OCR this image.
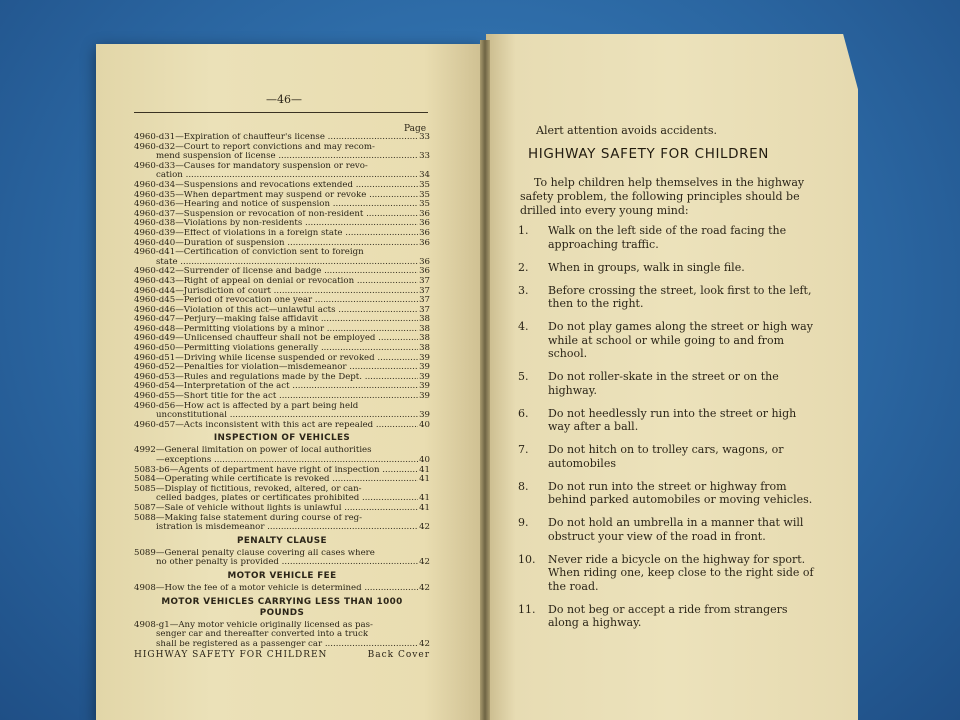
—46—
Page
4960-d31—Expiration of chauffeur's license .....	33
4960-d32—Court to report convictions and may recom-
mend suspension of license .....	33
4960-d33—Causes for mandatory suspension or revo-
cation .....	34
4960-d34—Suspensions and revocations extended .....	35
4960-d35—When department may suspend or revoke .....	35
4960-d36—Hearing and notice of suspension .....	35
4960-d37—Suspension or revocation of non-resident .....	36
4960-d38—Violations by non-residents .....	36
4960-d39—Effect of violations in a foreign state .....	36
4960-d40—Duration of suspension .....	36
4960-d41—Certification of conviction sent to foreign
state .....	36
4960-d42—Surrender of license and badge .....	36
4960-d43—Right of appeal on denial or revocation .....	37
4960-d44—Jurisdiction of court .....	37
4960-d45—Period of revocation one year .....	37
4960-d46—Violation of this act—unlawful acts .....	37
4960-d47—Perjury—making false affidavit .....	38
4960-d48—Permitting violations by a minor .....	38
4960-d49—Unlicensed chauffeur shall not be employed .....	38
4960-d50—Permitting violations generally .....	38
4960-d51—Driving while license suspended or revoked .....	39
4960-d52—Penalties for violation—misdemeanor .....	39
4960-d53—Rules and regulations made by the Dept. .....	39
4960-d54—Interpretation of the act .....	39
4960-d55—Short title for the act .....	39
4960-d56—How act is affected by a part being held
unconstitutional .....	39
4960-d57—Acts inconsistent with this act are repealed .....	40
INSPECTION OF VEHICLES
4992—General limitation on power of local authorities
—exceptions .....	40
5083-b6—Agents of department have right of inspection .....	41
5084—Operating while certificate is revoked .....	41
5085—Display of fictitious, revoked, altered, or can-
celled badges, plates or certificates prohibited .....	41
5087—Sale of vehicle without lights is unlawful .....	41
5088—Making false statement during course of reg-
istration is misdemeanor .....	42
PENALTY CLAUSE
5089—General penalty clause covering all cases where
no other penalty is provided .....	42
MOTOR VEHICLE FEE
4908—How the fee of a motor vehicle is determined .....	42
MOTOR VEHICLES CARRYING LESS THAN 1000
POUNDS
4908-g1—Any motor vehicle originally licensed as pas-
senger car and thereafter converted into a truck
shall be registered as a passenger car .....	42
HIGHWAY SAFETY FOR CHILDREN	Back Cover
Alert attention avoids accidents.
HIGHWAY SAFETY FOR CHILDREN
To help children help themselves in the highway safety problem, the following principles should be drilled into every young mind:
1.	Walk on the left side of the road facing the approaching traffic.
2.	When in groups, walk in single file.
3.	Before crossing the street, look first to the left, then to the right.
4.	Do not play games along the street or high way while at school or while going to and from school.
5.	Do not roller-skate in the street or on the highway.
6.	Do not heedlessly run into the street or high way after a ball.
7.	Do not hitch on to trolley cars, wagons, or automobiles
8.	Do not run into the street or highway from behind parked automobiles or moving vehicles.
9.	Do not hold an umbrella in a manner that will obstruct your view of the road in front.
10.	Never ride a bicycle on the highway for sport. When riding one, keep close to the right side of the road.
11.	Do not beg or accept a ride from strangers along a highway.
